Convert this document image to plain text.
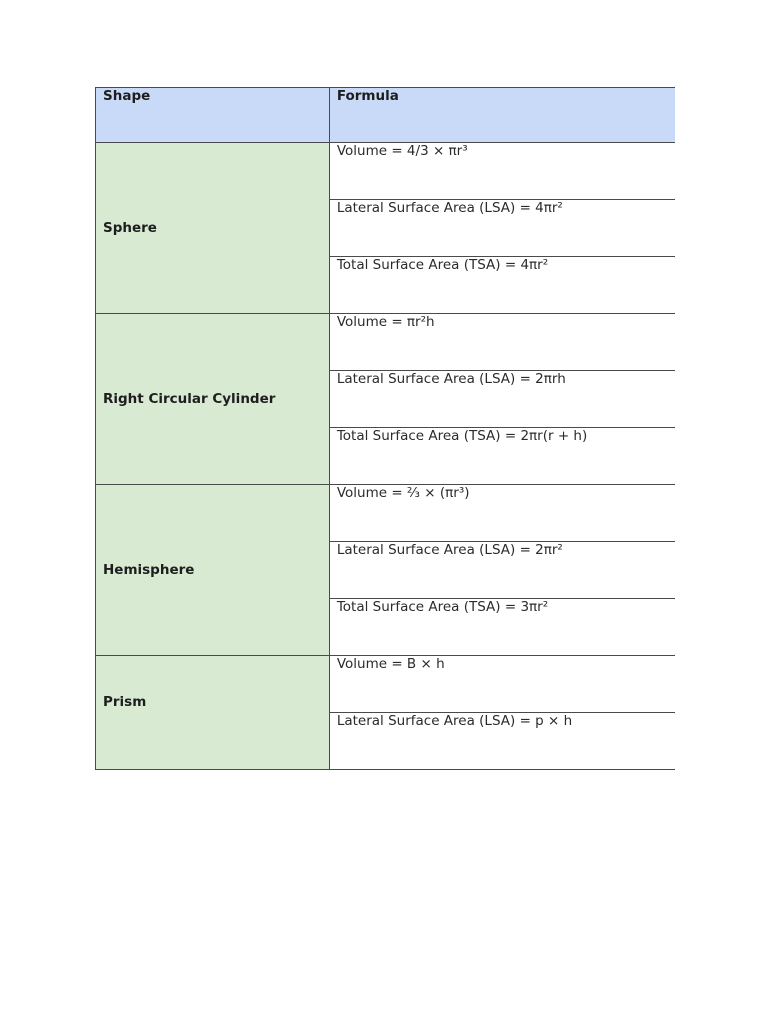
Shape	Formula
Sphere	Volume = 4/3 × πr³
	Lateral Surface Area (LSA) = 4πr²
	Total Surface Area (TSA) = 4πr²
Right Circular Cylinder	Volume = πr²h
	Lateral Surface Area (LSA) = 2πrh
	Total Surface Area (TSA) = 2πr(r + h)
Hemisphere	Volume = ⅔ × (πr³)
	Lateral Surface Area (LSA) = 2πr²
	Total Surface Area (TSA) = 3πr²
Prism	Volume = B × h
	Lateral Surface Area (LSA) = p × h
